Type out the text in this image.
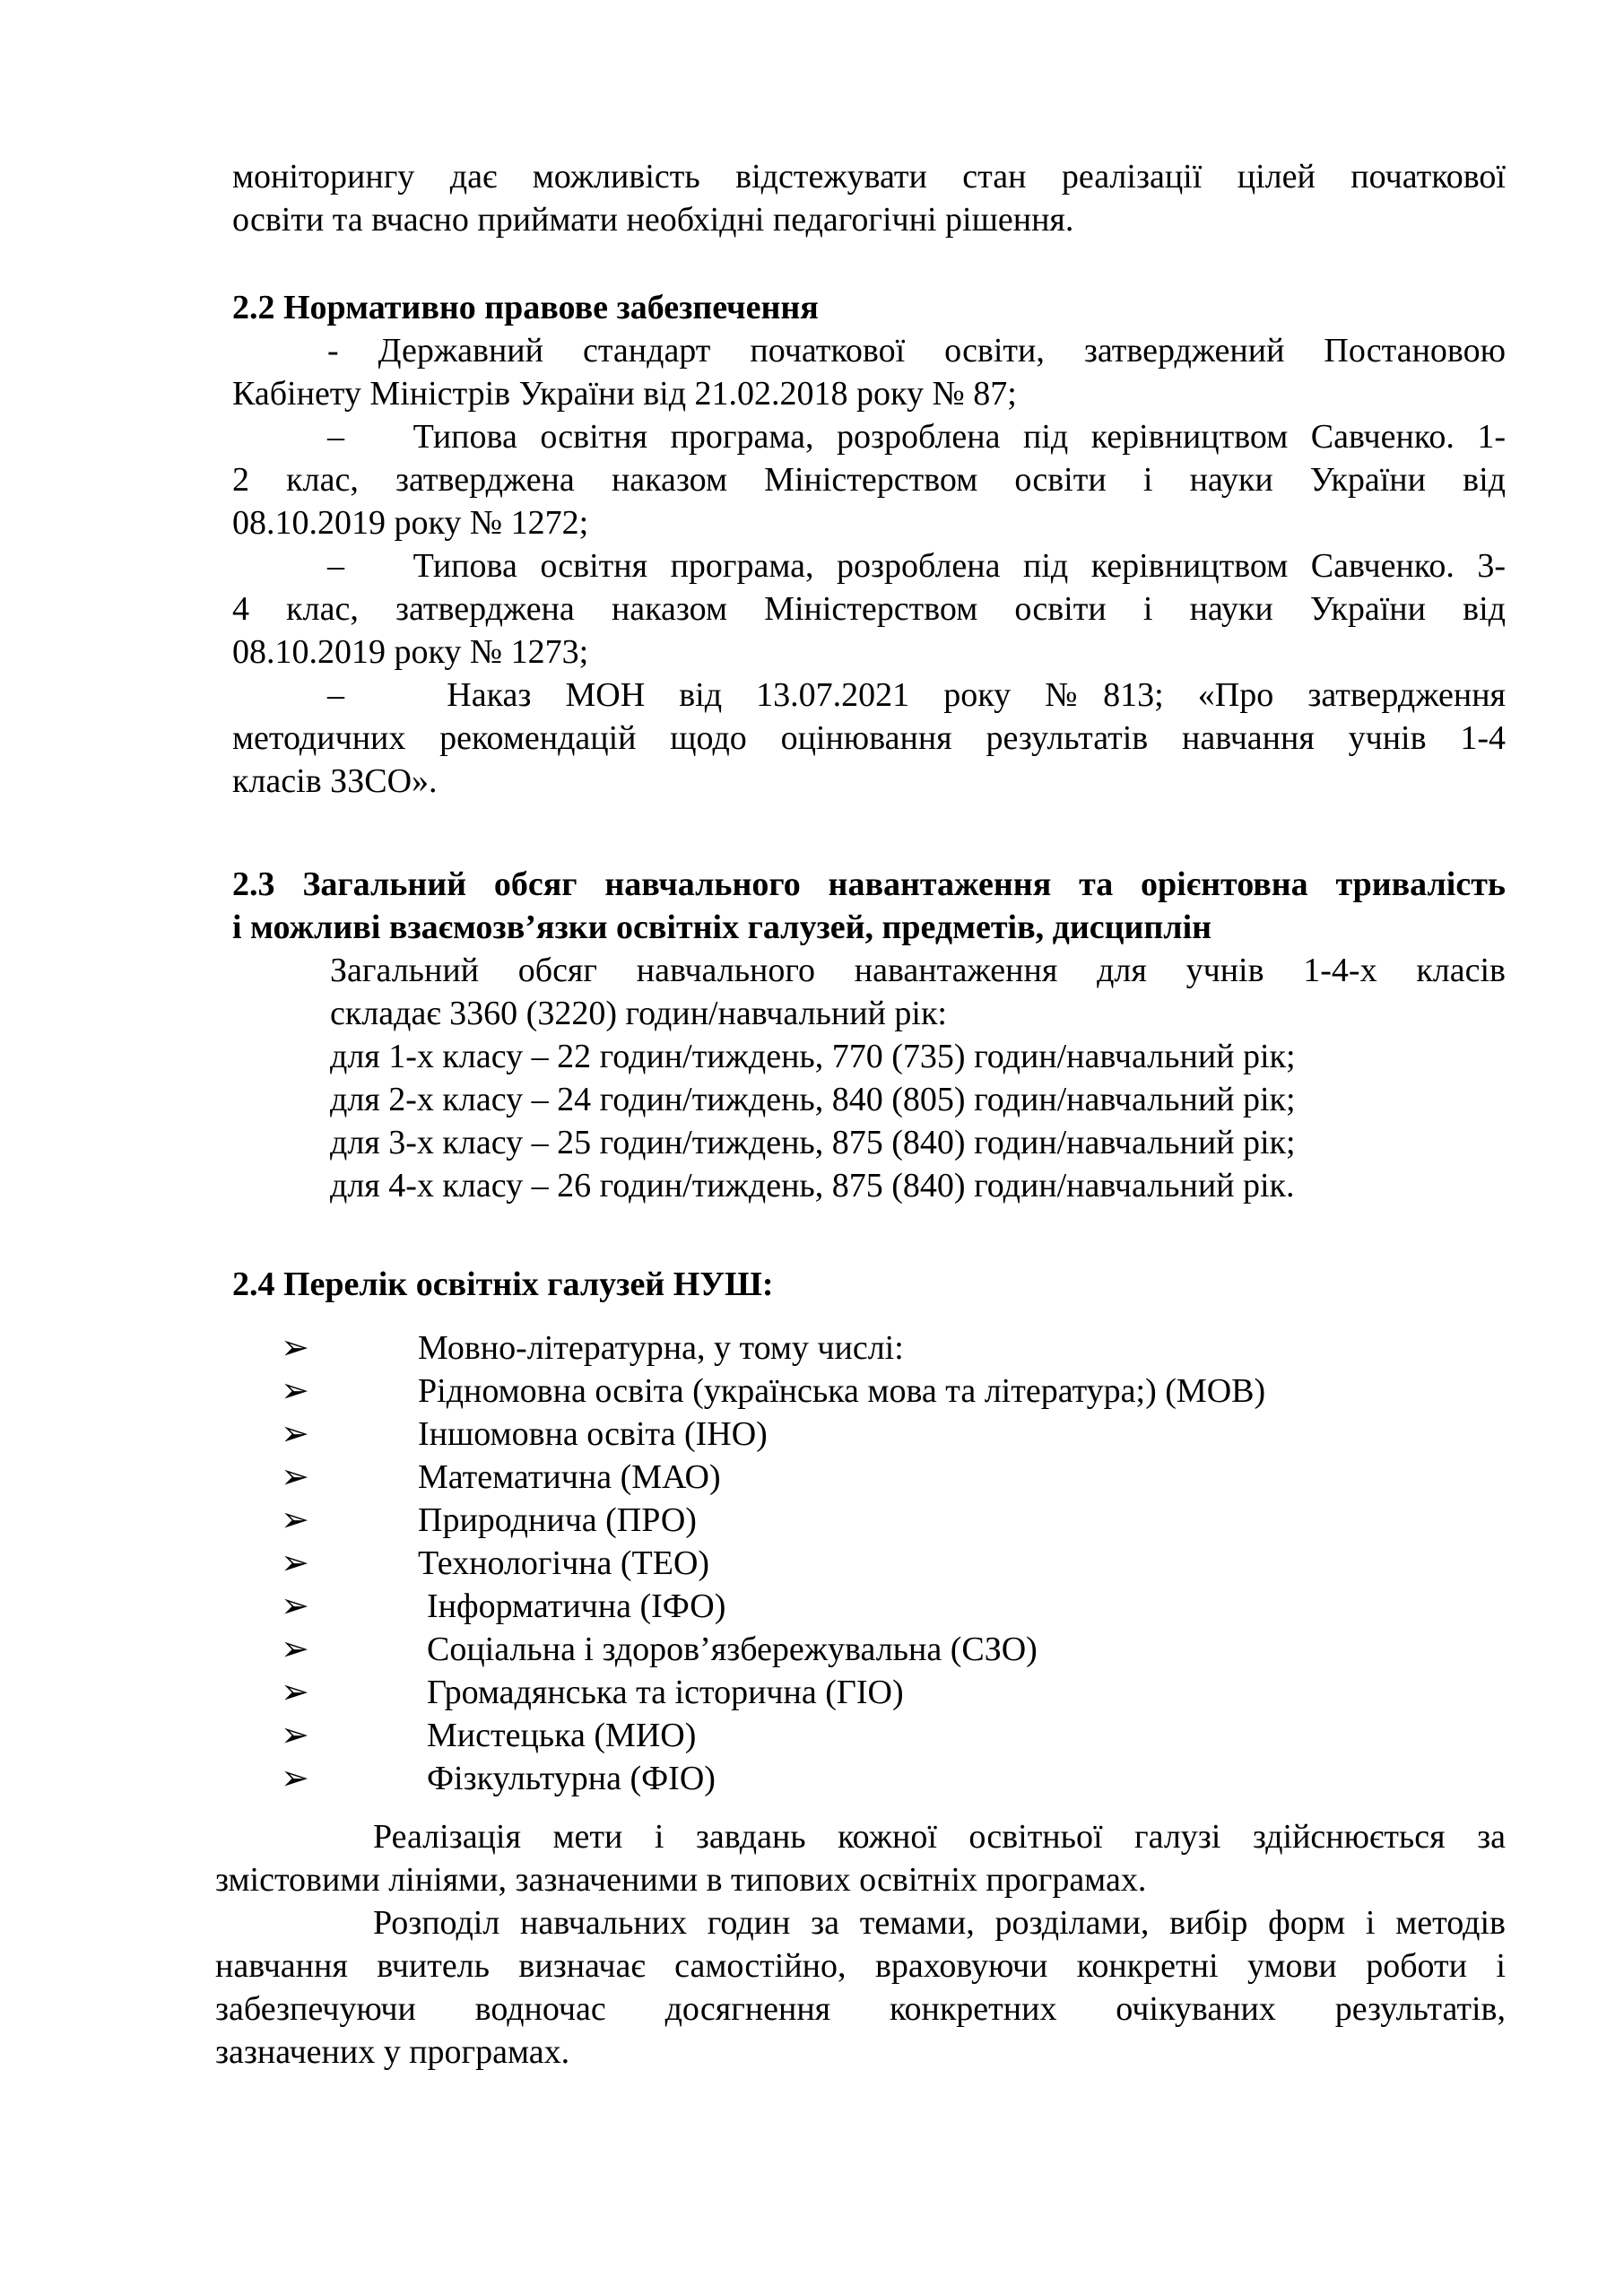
моніторингу дає можливість відстежувати стан реалізації цілей початкової
освіти та вчасно приймати необхідні педагогічні рішення.
2.2 Нормативно правове забезпечення
- Державний стандарт початкової освіти, затверджений Постановою
Кабінету Міністрів України від 21.02.2018 року № 87;
– Типова освітня програма, розроблена під керівництвом Савченко. 1-
2 клас, затверджена наказом Міністерством освіти і науки України від
08.10.2019 року № 1272;
– Типова освітня програма, розроблена під керівництвом Савченко. 3-
4 клас, затверджена наказом Міністерством освіти і науки України від
08.10.2019 року № 1273;
–	Наказ МОН від 13.07.2021 року №813; «Про затвердження
методичних рекомендацій щодо оцінювання результатів навчання учнів 1-4
класів ЗЗСО».
2.3 Загальний обсяг навчального навантаження та орієнтовна тривалість
і можливі взаємозв’язки освітніх галузей, предметів, дисциплін
Загальний обсяг навчального навантаження для учнів 1-4-х класів
складає 3360 (3220) годин/навчальний рік:
для 1-х класу – 22 годин/тиждень, 770 (735) годин/навчальний рік;
для 2-х класу – 24 годин/тиждень, 840 (805) годин/навчальний рік;
для 3-х класу – 25 годин/тиждень, 875 (840) годин/навчальний рік;
для 4-х класу – 26 годин/тиждень, 875 (840) годин/навчальний рік.
2.4 Перелік освітніх галузей НУШ:
➢	Мовно-літературна, у тому числі:
➢	Рідномовна освіта (українська мова та література;) (МОВ)
➢	Іншомовна освіта (ІНО)
➢	Математична (МАО)
➢	Природнича (ПРО)
➢	Технологічна (ТЕО)
➢	Інформатична (ІФО)
➢	Соціальна і здоров’язбережувальна (СЗО)
➢	Громадянська та історична (ГІО)
➢	Мистецька (МИО)
➢	Фізкультурна (ФІО)
Реалізація мети і завдань кожної освітньої галузі здійснюється за
змістовими лініями, зазначеними в типових освітніх програмах.
Розподіл навчальних годин за темами, розділами, вибір форм і методів
навчання вчитель визначає самостійно, враховуючи конкретні умови роботи і
забезпечуючи водночас досягнення конкретних очікуваних результатів,
зазначених у програмах.
